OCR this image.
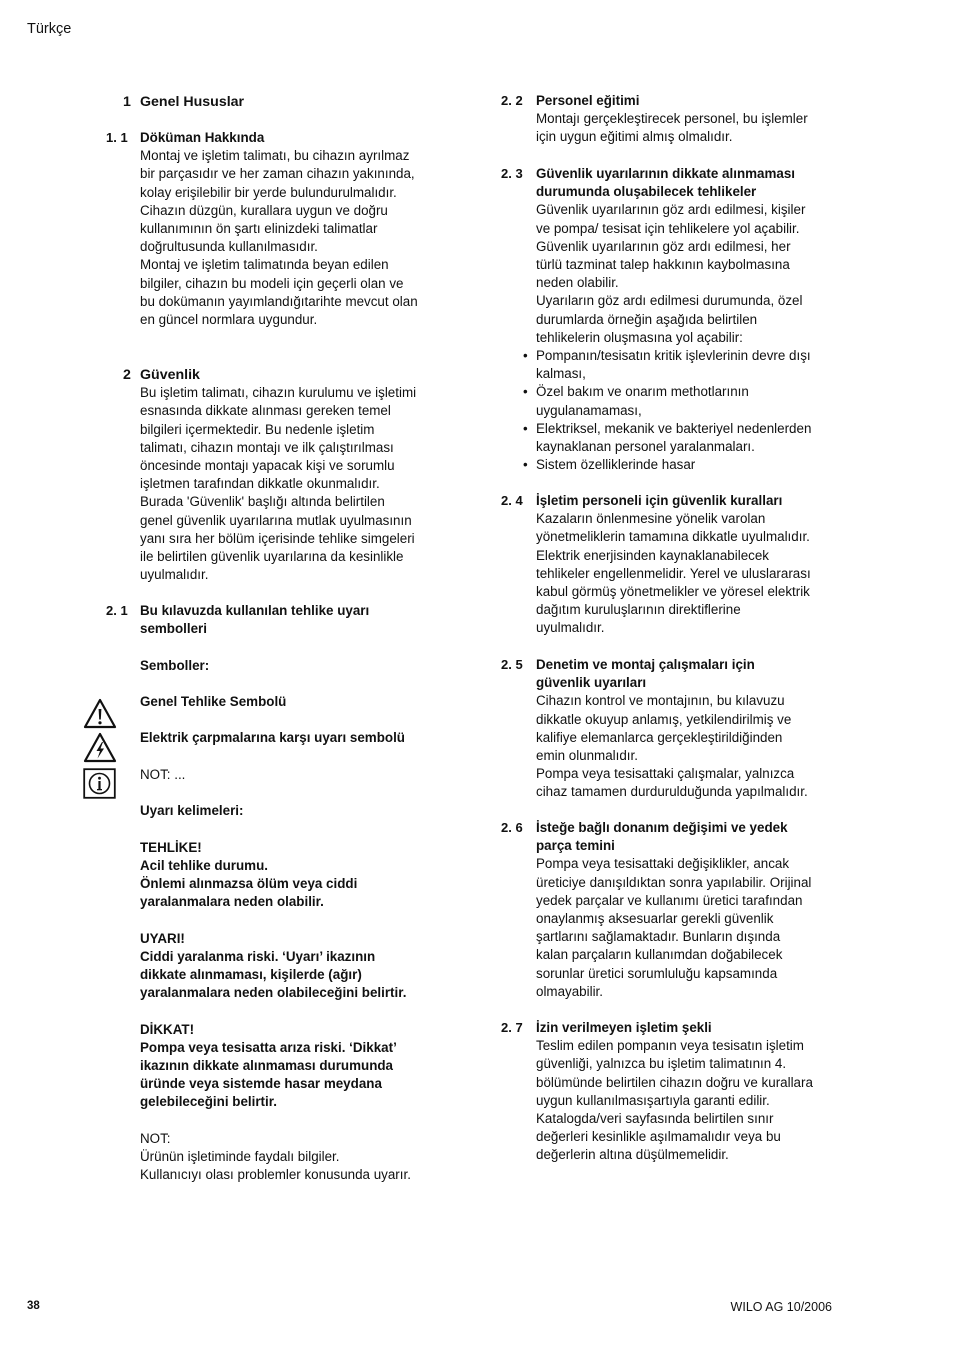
Türkçe
1 Genel Hususlar
1. 1 Döküman Hakkında

Montaj ve işletim talimatı, bu cihazın ayrılmaz

bir parçasıdır ve her zaman cihazın yakınında,

kolay erişilebilir bir yerde bulundurulmalıdır.

Cihazın düzgün, kurallara uygun ve doğru

kullanımının ön şartı elinizdeki talimatlar

doğrultusunda kullanılmasıdır.

Montaj ve işletim talimatında beyan edilen

bilgiler, cihazın bu modeli için geçerli olan ve

bu dokümanın yayımlandığıtarihte mevcut olan

en güncel normlara uygundur.

2 Güvenlik

Bu işletim talimatı, cihazın kurulumu ve işletimi

esnasında dikkate alınması gereken temel

bilgileri içermektedir. Bu nedenle işletim

talimatı, cihazın montajı ve ilk çalıştırılması

öncesinde montajı yapacak kişi ve sorumlu

işletmen tarafından dikkatle okunmalıdır.

Burada 'Güvenlik' başlığı altında belirtilen

genel güvenlik uyarılarına mutlak uyulmasının

yanı sıra her bölüm içerisinde tehlike simgeleri

ile belirtilen güvenlik uyarılarına da kesinlikle

uyulmalıdır.

2. 1 Bu kılavuzda kullanılan tehlike uyarı

sembolleri

Semboller:

Genel Tehlike Sembolü

Elektrik çarpmalarına karşı uyarı sembolü

NOT: ...

Uyarı kelimeleri:

TEHLİKE!

Acil tehlike durumu.

Önlemi alınmazsa ölüm veya ciddi

yaralanmalara neden olabilir.

UYARI!

Ciddi yaralanma riski. ‘Uyarı’ ikazının

dikkate alınmaması, kişilerde (ağır)

yaralanmalara neden olabileceğini belirtir.

DİKKAT!

Pompa veya tesisatta arıza riski. ‘Dikkat’

ikazının dikkate alınmaması durumunda

üründe veya sistemde hasar meydana

gelebileceğini belirtir.

NOT:

Ürünün işletiminde faydalı bilgiler.

Kullanıcıyı olası problemler konusunda uyarır.

2. 2 Personel eğitimi

Montajı gerçekleştirecek personel, bu işlemler

için uygun eğitimi almış olmalıdır.

2. 3 Güvenlik uyarılarının dikkate alınmaması

durumunda oluşabilecek tehlikeler

Güvenlik uyarılarının göz ardı edilmesi, kişiler

ve pompa/ tesisat için tehlikelere yol açabilir.

Güvenlik uyarılarının göz ardı edilmesi, her

türlü tazminat talep hakkının kaybolmasına

neden olabilir.

Uyarıların göz ardı edilmesi durumunda, özel

durumlarda örneğin aşağıda belirtilen

tehlikelerin oluşmasına yol açabilir:

• Pompanın/tesisatın kritik işlevlerinin devre dışı

kalması,

• Özel bakım ve onarım methotlarının

uygulanamaması,

• Elektriksel, mekanik ve bakteriyel nedenlerden

kaynaklanan personel yaralanmaları.

• Sistem özelliklerinde hasar

2. 4 İşletim personeli için güvenlik kuralları

Kazaların önlenmesine yönelik varolan

yönetmeliklerin tamamına dikkatle uyulmalıdır.

Elektrik enerjisinden kaynaklanabilecek

tehlikeler engellenmelidir. Yerel ve uluslararası

kabul görmüş yönetmelikler ve yöresel elektrik

dağıtım kuruluşlarının direktiflerine

uyulmalıdır.

2. 5 Denetim ve montaj çalışmaları için

güvenlik uyarıları

Cihazın kontrol ve montajının, bu kılavuzu

dikkatle okuyup anlamış, yetkilendirilmiş ve

kalifiye elemanlarca gerçekleştirildiğinden

emin olunmalıdır.

Pompa veya tesisattaki çalışmalar, yalnızca

cihaz tamamen durdurulduğunda yapılmalıdır.

2. 6 İsteğe bağlı donanım değişimi ve yedek

parça temini

Pompa veya tesisattaki değişiklikler, ancak

üreticiye danışıldıktan sonra yapılabilir. Orijinal

yedek parçalar ve kullanımı üretici tarafından

onaylanmış aksesuarlar gerekli güvenlik

şartlarını sağlamaktadır. Bunların dışında

kalan parçaların kullanımdan doğabilecek

sorunlar üretici sorumluluğu kapsamında

olmayabilir.

2. 7 İzin verilmeyen işletim şekli

Teslim edilen pompanın veya tesisatın işletim

güvenliği, yalnızca bu işletim talimatının 4.

bölümünde belirtilen cihazın doğru ve kurallara

uygun kullanılmasışartıyla garanti edilir.

Katalogda/veri sayfasında belirtilen sınır

değerleri kesinlikle aşılmamalıdır veya bu

değerlerin altına düşülmemelidir.

38	WILO AG 10/2006
